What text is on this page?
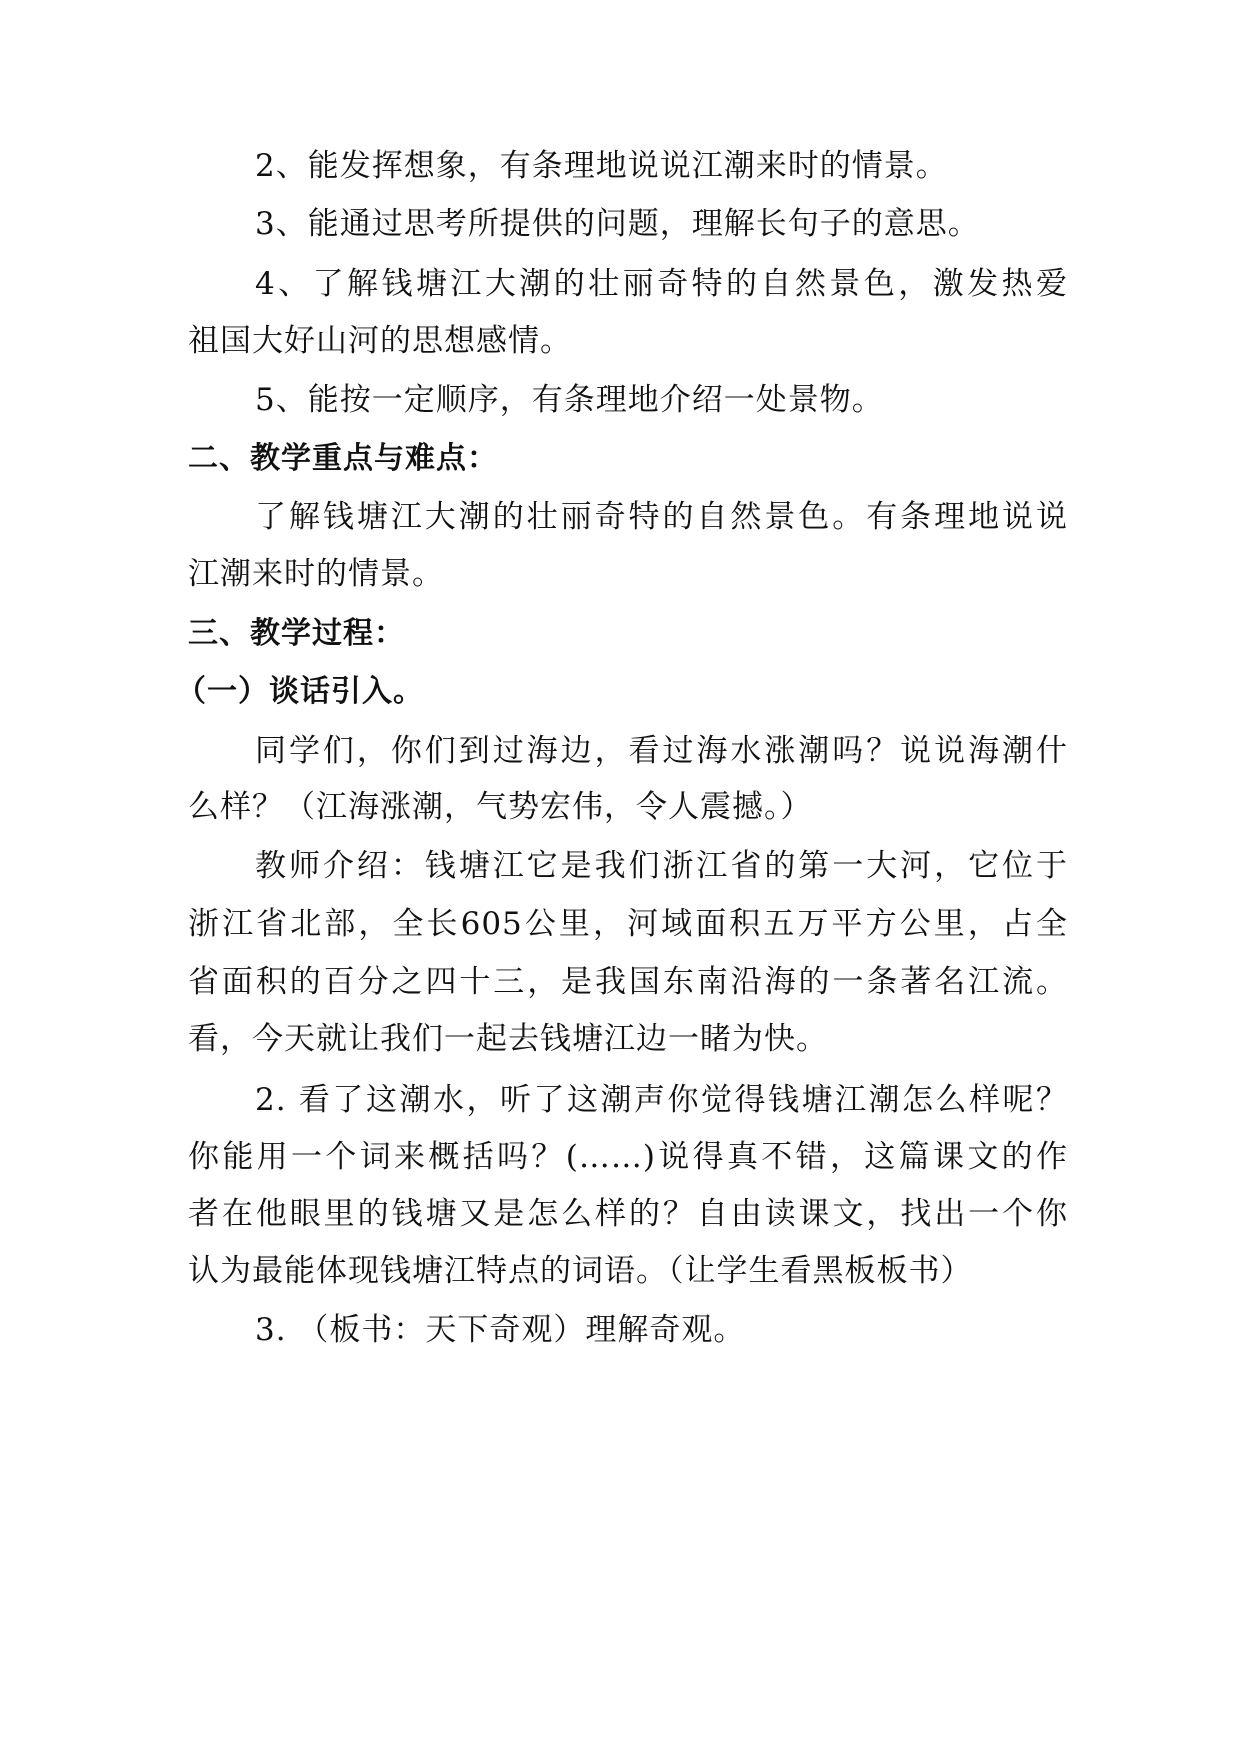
2、能发挥想象，有条理地说说江潮来时的情景。
3、能通过思考所提供的问题，理解长句子的意思。
4、了解钱塘江大潮的壮丽奇特的自然景色，激发热爱
祖国大好山河的思想感情。
5、能按一定顺序，有条理地介绍一处景物。
二、教学重点与难点：
了解钱塘江大潮的壮丽奇特的自然景色。有条理地说说
江潮来时的情景。
三、教学过程：
（一）谈话引入。
同学们，你们到过海边，看过海水涨潮吗？说说海潮什
么样？（江海涨潮，气势宏伟，令人震撼。）
教师介绍：钱塘江它是我们浙江省的第一大河，它位于
浙江省北部，全长605公里，河域面积五万平方公里，占全
省面积的百分之四十三，是我国东南沿海的一条著名江流。
看，今天就让我们一起去钱塘江边一睹为快。
2. 看了这潮水，听了这潮声你觉得钱塘江潮怎么样呢？
你能用一个词来概括吗？(……)说得真不错，这篇课文的作
者在他眼里的钱塘又是怎么样的？自由读课文，找出一个你
认为最能体现钱塘江特点的词语。（让学生看黑板板书）
3. （板书：天下奇观）理解奇观。
